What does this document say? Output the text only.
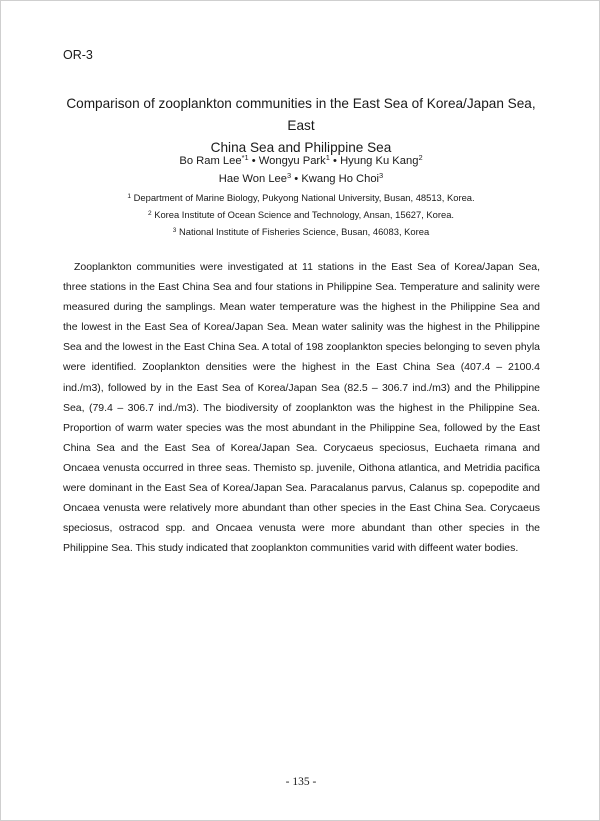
OR-3
Comparison of zooplankton communities in the East Sea of Korea/Japan Sea, East
China Sea and Philippine Sea
Bo Ram Lee$^{*1}$ • Wongyu Park$^1$ • Hyung Ku Kang$^2$
Hae Won Lee$^3$ • Kwang Ho Choi$^3$
$^1$ Department of Marine Biology, Pukyong National University, Busan, 48513, Korea.
$^2$ Korea Institute of Ocean Science and Technology, Ansan, 15627, Korea.
$^3$ National Institute of Fisheries Science, Busan, 46083, Korea

Zooplankton communities were investigated at 11 stations in the East Sea of Korea/Japan Sea, three stations in the East China Sea and four stations in Philippine Sea. Temperature and salinity were measured during the samplings. Mean water temperature was the highest in the Philippine Sea and the lowest in the East Sea of Korea/Japan Sea. Mean water salinity was the highest in the Philippine Sea and the lowest in the East China Sea. A total of 198 zooplankton species belonging to seven phyla were identified. Zooplankton densities were the highest in the East China Sea (407.4 – 2100.4 ind./m3), followed by in the East Sea of Korea/Japan Sea (82.5 – 306.7 ind./m3) and the Philippine Sea, (79.4 – 306.7 ind./m3). The biodiversity of zooplankton was the highest in the Philippine Sea. Proportion of warm water species was the most abundant in the Philippine Sea, followed by the East China Sea and the East Sea of Korea/Japan Sea. Corycaeus speciosus, Euchaeta rimana and Oncaea venusta occurred in three seas. Themisto sp. juvenile, Oithona atlantica, and Metridia pacifica were dominant in the East Sea of Korea/Japan Sea. Paracalanus parvus, Calanus sp. copepodite and Oncaea venusta were relatively more abundant than other species in the East China Sea. Corycaeus speciosus, ostracod spp. and Oncaea venusta were more abundant than other species in the Philippine Sea. This study indicated that zooplankton communities varid with diffeent water bodies.

- 135 -
